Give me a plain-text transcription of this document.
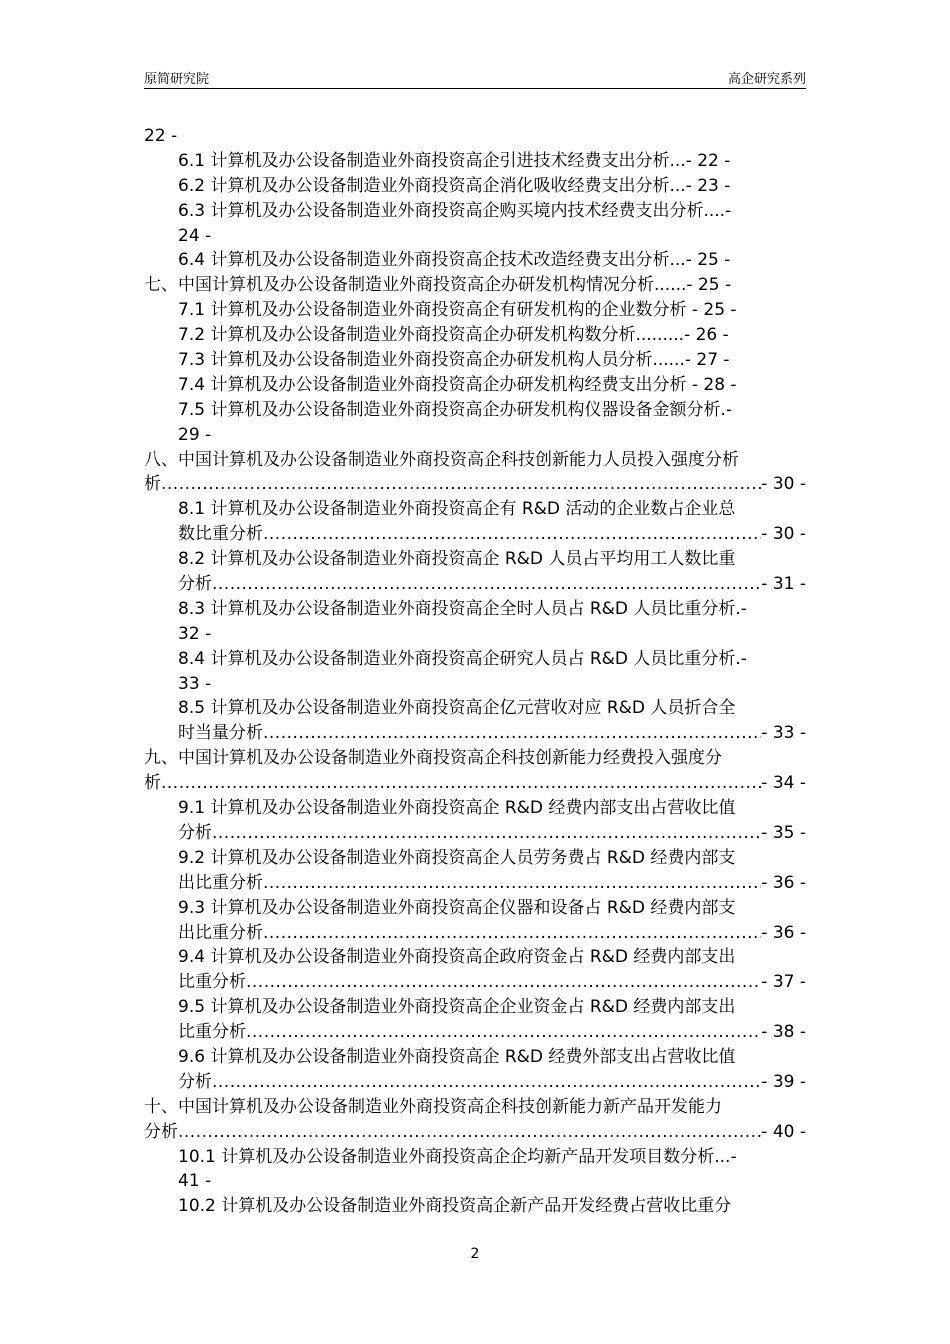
原简研究院	高企研究系列
22 -
6.1 计算机及办公设备制造业外商投资高企引进技术经费支出分析...- 22 -
6.2 计算机及办公设备制造业外商投资高企消化吸收经费支出分析...- 23 -
6.3 计算机及办公设备制造业外商投资高企购买境内技术经费支出分析....-
24 -
6.4 计算机及办公设备制造业外商投资高企技术改造经费支出分析...- 25 -
七、中国计算机及办公设备制造业外商投资高企办研发机构情况分析......- 25 -
7.1 计算机及办公设备制造业外商投资高企有研发机构的企业数分析 - 25 -
7.2 计算机及办公设备制造业外商投资高企办研发机构数分析.........- 26 -
7.3 计算机及办公设备制造业外商投资高企办研发机构人员分析......- 27 -
7.4 计算机及办公设备制造业外商投资高企办研发机构经费支出分析 - 28 -
7.5 计算机及办公设备制造业外商投资高企办研发机构仪器设备金额分析.-
29 -
八、中国计算机及办公设备制造业外商投资高企科技创新能力人员投入强度分析
析 .....	- 30 -
8.1 计算机及办公设备制造业外商投资高企有 R&D 活动的企业数占企业总
数比重分析 .....	- 30 -
8.2 计算机及办公设备制造业外商投资高企 R&D 人员占平均用工人数比重
分析 .....	- 31 -
8.3 计算机及办公设备制造业外商投资高企全时人员占 R&D 人员比重分析.-
32 -
8.4 计算机及办公设备制造业外商投资高企研究人员占 R&D 人员比重分析.-
33 -
8.5 计算机及办公设备制造业外商投资高企亿元营收对应 R&D 人员折合全
时当量分析 .....	- 33 -
九、中国计算机及办公设备制造业外商投资高企科技创新能力经费投入强度分
析 .....	- 34 -
9.1 计算机及办公设备制造业外商投资高企 R&D 经费内部支出占营收比值
分析 .....	- 35 -
9.2 计算机及办公设备制造业外商投资高企人员劳务费占 R&D 经费内部支
出比重分析 .....	- 36 -
9.3 计算机及办公设备制造业外商投资高企仪器和设备占 R&D 经费内部支
出比重分析 .....	- 36 -
9.4 计算机及办公设备制造业外商投资高企政府资金占 R&D 经费内部支出
比重分析 .....	- 37 -
9.5 计算机及办公设备制造业外商投资高企企业资金占 R&D 经费内部支出
比重分析 .....	- 38 -
9.6 计算机及办公设备制造业外商投资高企 R&D 经费外部支出占营收比值
分析 .....	- 39 -
十、中国计算机及办公设备制造业外商投资高企科技创新能力新产品开发能力
分析 .....	- 40 -
10.1 计算机及办公设备制造业外商投资高企企均新产品开发项目数分析...-
41 -
10.2 计算机及办公设备制造业外商投资高企新产品开发经费占营收比重分
2
